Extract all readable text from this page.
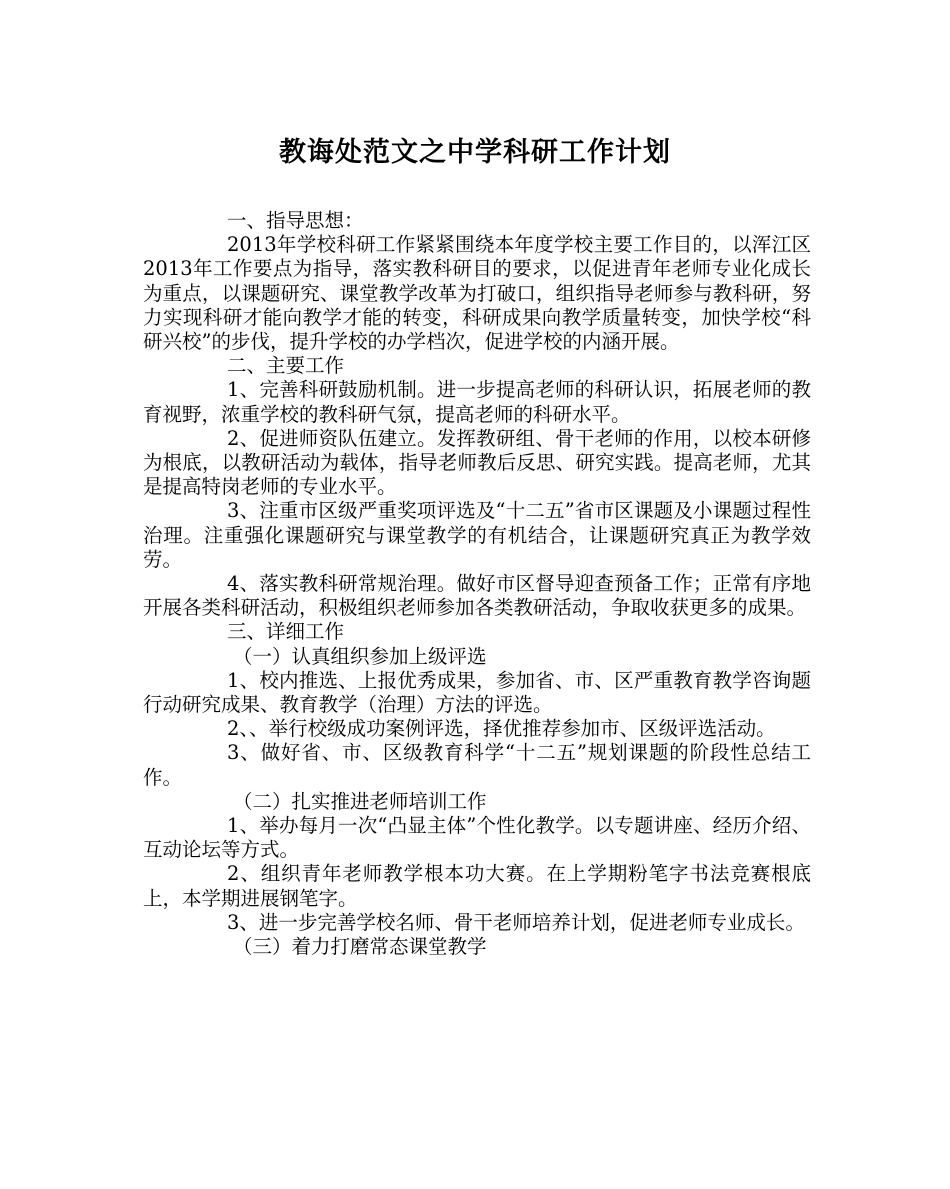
教诲处范文之中学科研工作计划

一、指导思想：

2013年学校科研工作紧紧围绕本年度学校主要工作目的，以浑江区2013年工作要点为指导，落实教科研目的要求，以促进青年老师专业化成长为重点，以课题研究、课堂教学改革为打破口，组织指导老师参与教科研，努力实现科研才能向教学才能的转变，科研成果向教学质量转变，加快学校“科研兴校”的步伐，提升学校的办学档次，促进学校的内涵开展。

二、主要工作

1、完善科研鼓励机制。进一步提高老师的科研认识，拓展老师的教育视野，浓重学校的教科研气氛，提高老师的科研水平。

2、促进师资队伍建立。发挥教研组、骨干老师的作用，以校本研修为根底，以教研活动为载体，指导老师教后反思、研究实践。提高老师，尤其是提高特岗老师的专业水平。

3、注重市区级严重奖项评选及“十二五”省市区课题及小课题过程性治理。注重强化课题研究与课堂教学的有机结合，让课题研究真正为教学效劳。

4、落实教科研常规治理。做好市区督导迎查预备工作；正常有序地开展各类科研活动，积极组织老师参加各类教研活动，争取收获更多的成果。

三、详细工作

（一）认真组织参加上级评选

1、校内推选、上报优秀成果，参加省、市、区严重教育教学咨询题行动研究成果、教育教学（治理）方法的评选。

2、、举行校级成功案例评选，择优推荐参加市、区级评选活动。

3、做好省、市、区级教育科学“十二五”规划课题的阶段性总结工作。

（二）扎实推进老师培训工作

1、举办每月一次“凸显主体”个性化教学。以专题讲座、经历介绍、互动论坛等方式。

2、组织青年老师教学根本功大赛。在上学期粉笔字书法竞赛根底上，本学期进展钢笔字。

3、进一步完善学校名师、骨干老师培养计划，促进老师专业成长。

（三）着力打磨常态课堂教学
